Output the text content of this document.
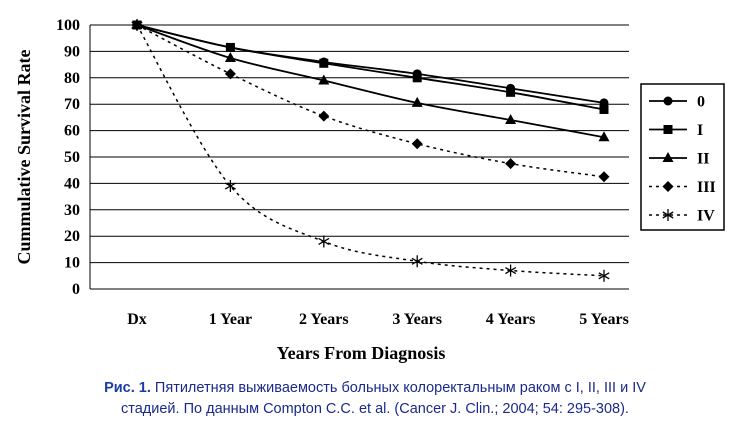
0
10
20
30
40
50
60
70
80
90
100
Dx	1 Year	2 Years	3 Years	4 Years	5 Years
0
I
II
III
IV
Cummulative Survival Rate
Years From Diagnosis
Рис. 1. Пятилетняя выживаемость больных колоректальным раком с I, II, III и IV
стадией. По данным Compton C.C. et al. (Cancer J. Clin.; 2004; 54: 295-308).
